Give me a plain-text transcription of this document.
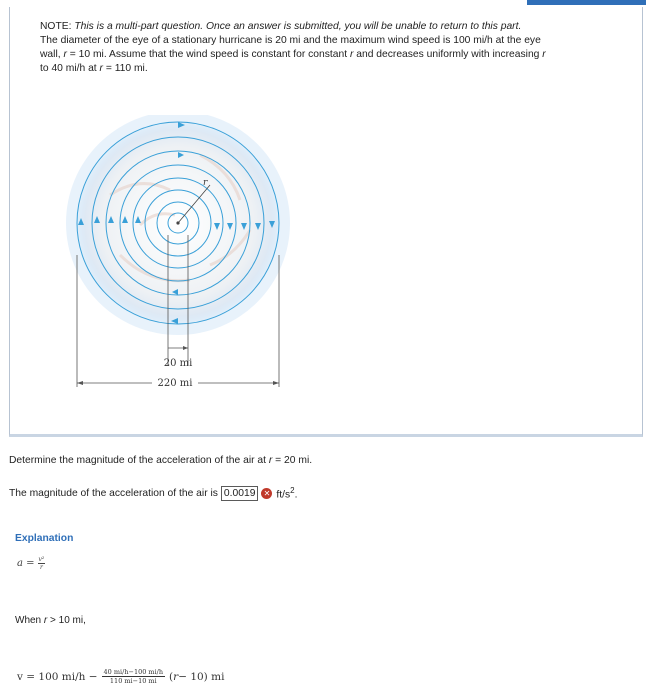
NOTE: This is a multi-part question. Once an answer is submitted, you will be unable to return to this part.
The diameter of the eye of a stationary hurricane is 20 mi and the maximum wind speed is 100 mi/h at the eye
wall, r = 10 mi. Assume that the wind speed is constant for constant r and decreases uniformly with increasing r
to 40 mi/h at r = 110 mi.
r
20 mi
220 mi
Determine the magnitude of the acceleration of the air at r = 20 mi.
The magnitude of the acceleration of the air is 0.0019	✕ $ft/s^2$.
Explanation
$a = \frac{\text{v²}}{r}$
When r > 10 mi,
v = 100 $mi/h - \frac{40 mi/h-100 mi/h}{110 mi-10 mi}$ ( r − 10) mi
